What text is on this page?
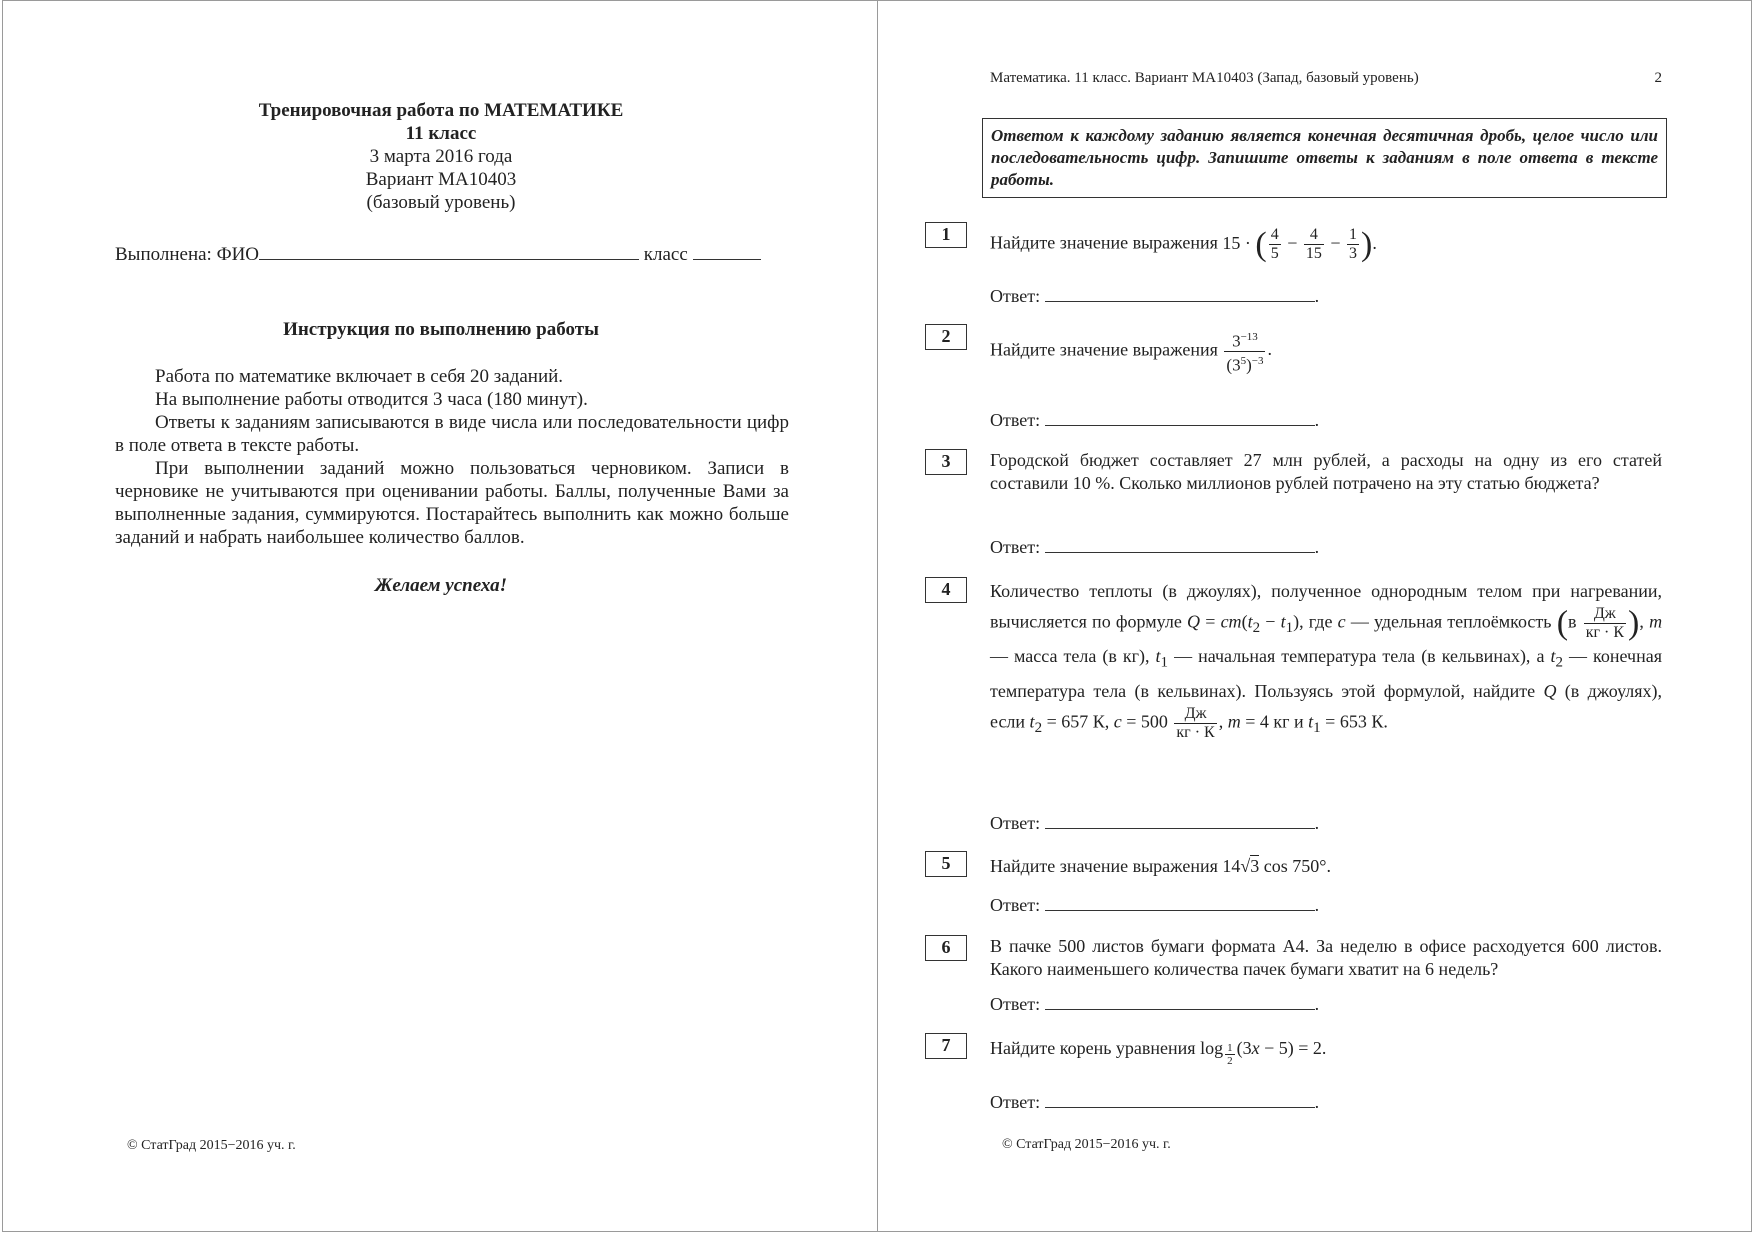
Тренировочная работа по МАТЕМАТИКЕ
11 класс
3 марта 2016 года
Вариант МА10403
(базовый уровень)
Выполнена: ФИО	класс
Инструкция по выполнению работы

Работа по математике включает в себя 20 заданий.

На выполнение работы отводится 3 часа (180 минут).

Ответы к заданиям записываются в виде числа или последовательности цифр в поле ответа в тексте работы.

При выполнении заданий можно пользоваться черновиком. Записи в черновике не учитываются при оценивании работы. Баллы, полученные Вами за выполненные задания, суммируются. Постарайтесь выполнить как можно больше заданий и набрать наибольшее количество баллов.

Желаем успеха!
© СтатГрад 2015−2016 уч. г.
Математика. 11 класс. Вариант МА10403 (Запад, базовый уровень)	2
Ответом к каждому заданию является конечная десятичная дробь, целое число или последовательность цифр. Запишите ответы к заданиям в поле ответа в тексте работы.
1	Найдите значение выражения 15 · ( $\frac{4}{5} - \frac{4}{15} - \frac{1}{3}$ ).
Ответ:	.
2
Найдите значение выражения $\frac{3^{-13}}{(3^5)^{-3}}$ .
Ответ:	.
3	Городской бюджет составляет 27 млн рублей, а расходы на одну из его статей составили 10 %. Сколько миллионов рублей потрачено на эту статью бюджета?
Ответ:	.
4	Количество теплоты (в джоулях), полученное однородным телом при нагревании, вычисляется по формуле $Q = cm(t_2 - t_1)$, где c — удельная теплоёмкость ($в \frac{Дж}{кг \cdot К}$ ), m — масса тела (в кг), $t_1$ — начальная температура тела (в кельвинах), а $t_2$ — конечная температура тела (в кельвинах). Пользуясь этой формулой, найдите Q (в джоулях), если $t_2 = 657$ К, $c = 500 \frac{Дж}{кг \cdot К}$ , m = 4 кг и $t_1 = 653$ К.
Ответ:	.
5	Найдите значение выражения 14√3 cos 750°.
Ответ:	.
6	В пачке 500 листов бумаги формата А4. За неделю в офисе расходуется 600 листов. Какого наименьшего количества пачек бумаги хватит на 6 недель?
Ответ:	.
7	Найдите корень уравнения log $_{\frac{1}{2}}$ (3x − 5) = 2.
Ответ:	.
© СтатГрад 2015−2016 уч. г.
